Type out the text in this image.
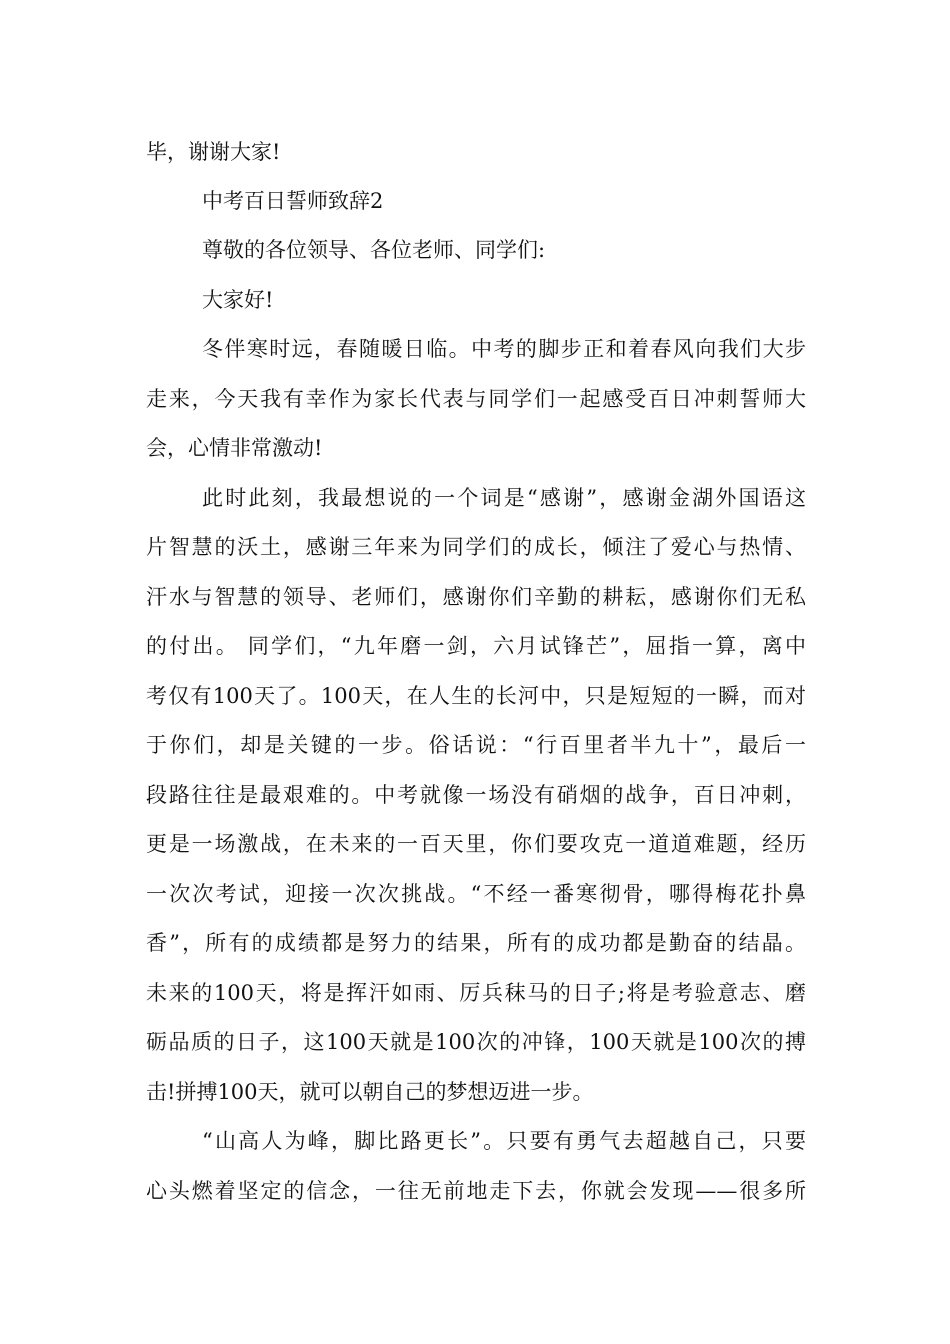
毕，谢谢大家!
中考百日誓师致辞2
尊敬的各位领导、各位老师、同学们:
大家好!
冬伴寒时远，春随暖日临。中考的脚步正和着春风向我们大步
走来，今天我有幸作为家长代表与同学们一起感受百日冲刺誓师大
会，心情非常激动!
此时此刻，我最想说的一个词是“感谢”，感谢金湖外国语这
片智慧的沃土，感谢三年来为同学们的成长，倾注了爱心与热情、
汗水与智慧的领导、老师们，感谢你们辛勤的耕耘，感谢你们无私
的付出。 同学们，“九年磨一剑，六月试锋芒”，屈指一算，离中
考仅有100天了。100天，在人生的长河中，只是短短的一瞬，而对
于你们，却是关键的一步。俗话说：“行百里者半九十”，最后一
段路往往是最艰难的。中考就像一场没有硝烟的战争，百日冲刺，
更是一场激战，在未来的一百天里，你们要攻克一道道难题，经历
一次次考试，迎接一次次挑战。“不经一番寒彻骨，哪得梅花扑鼻
香”，所有的成绩都是努力的结果，所有的成功都是勤奋的结晶。
未来的100天，将是挥汗如雨、厉兵秣马的日子;将是考验意志、磨
砺品质的日子，这100天就是100次的冲锋，100天就是100次的搏
击!拼搏100天，就可以朝自己的梦想迈进一步。
“山高人为峰，脚比路更长”。只要有勇气去超越自己，只要
心头燃着坚定的信念，一往无前地走下去，你就会发现——很多所
